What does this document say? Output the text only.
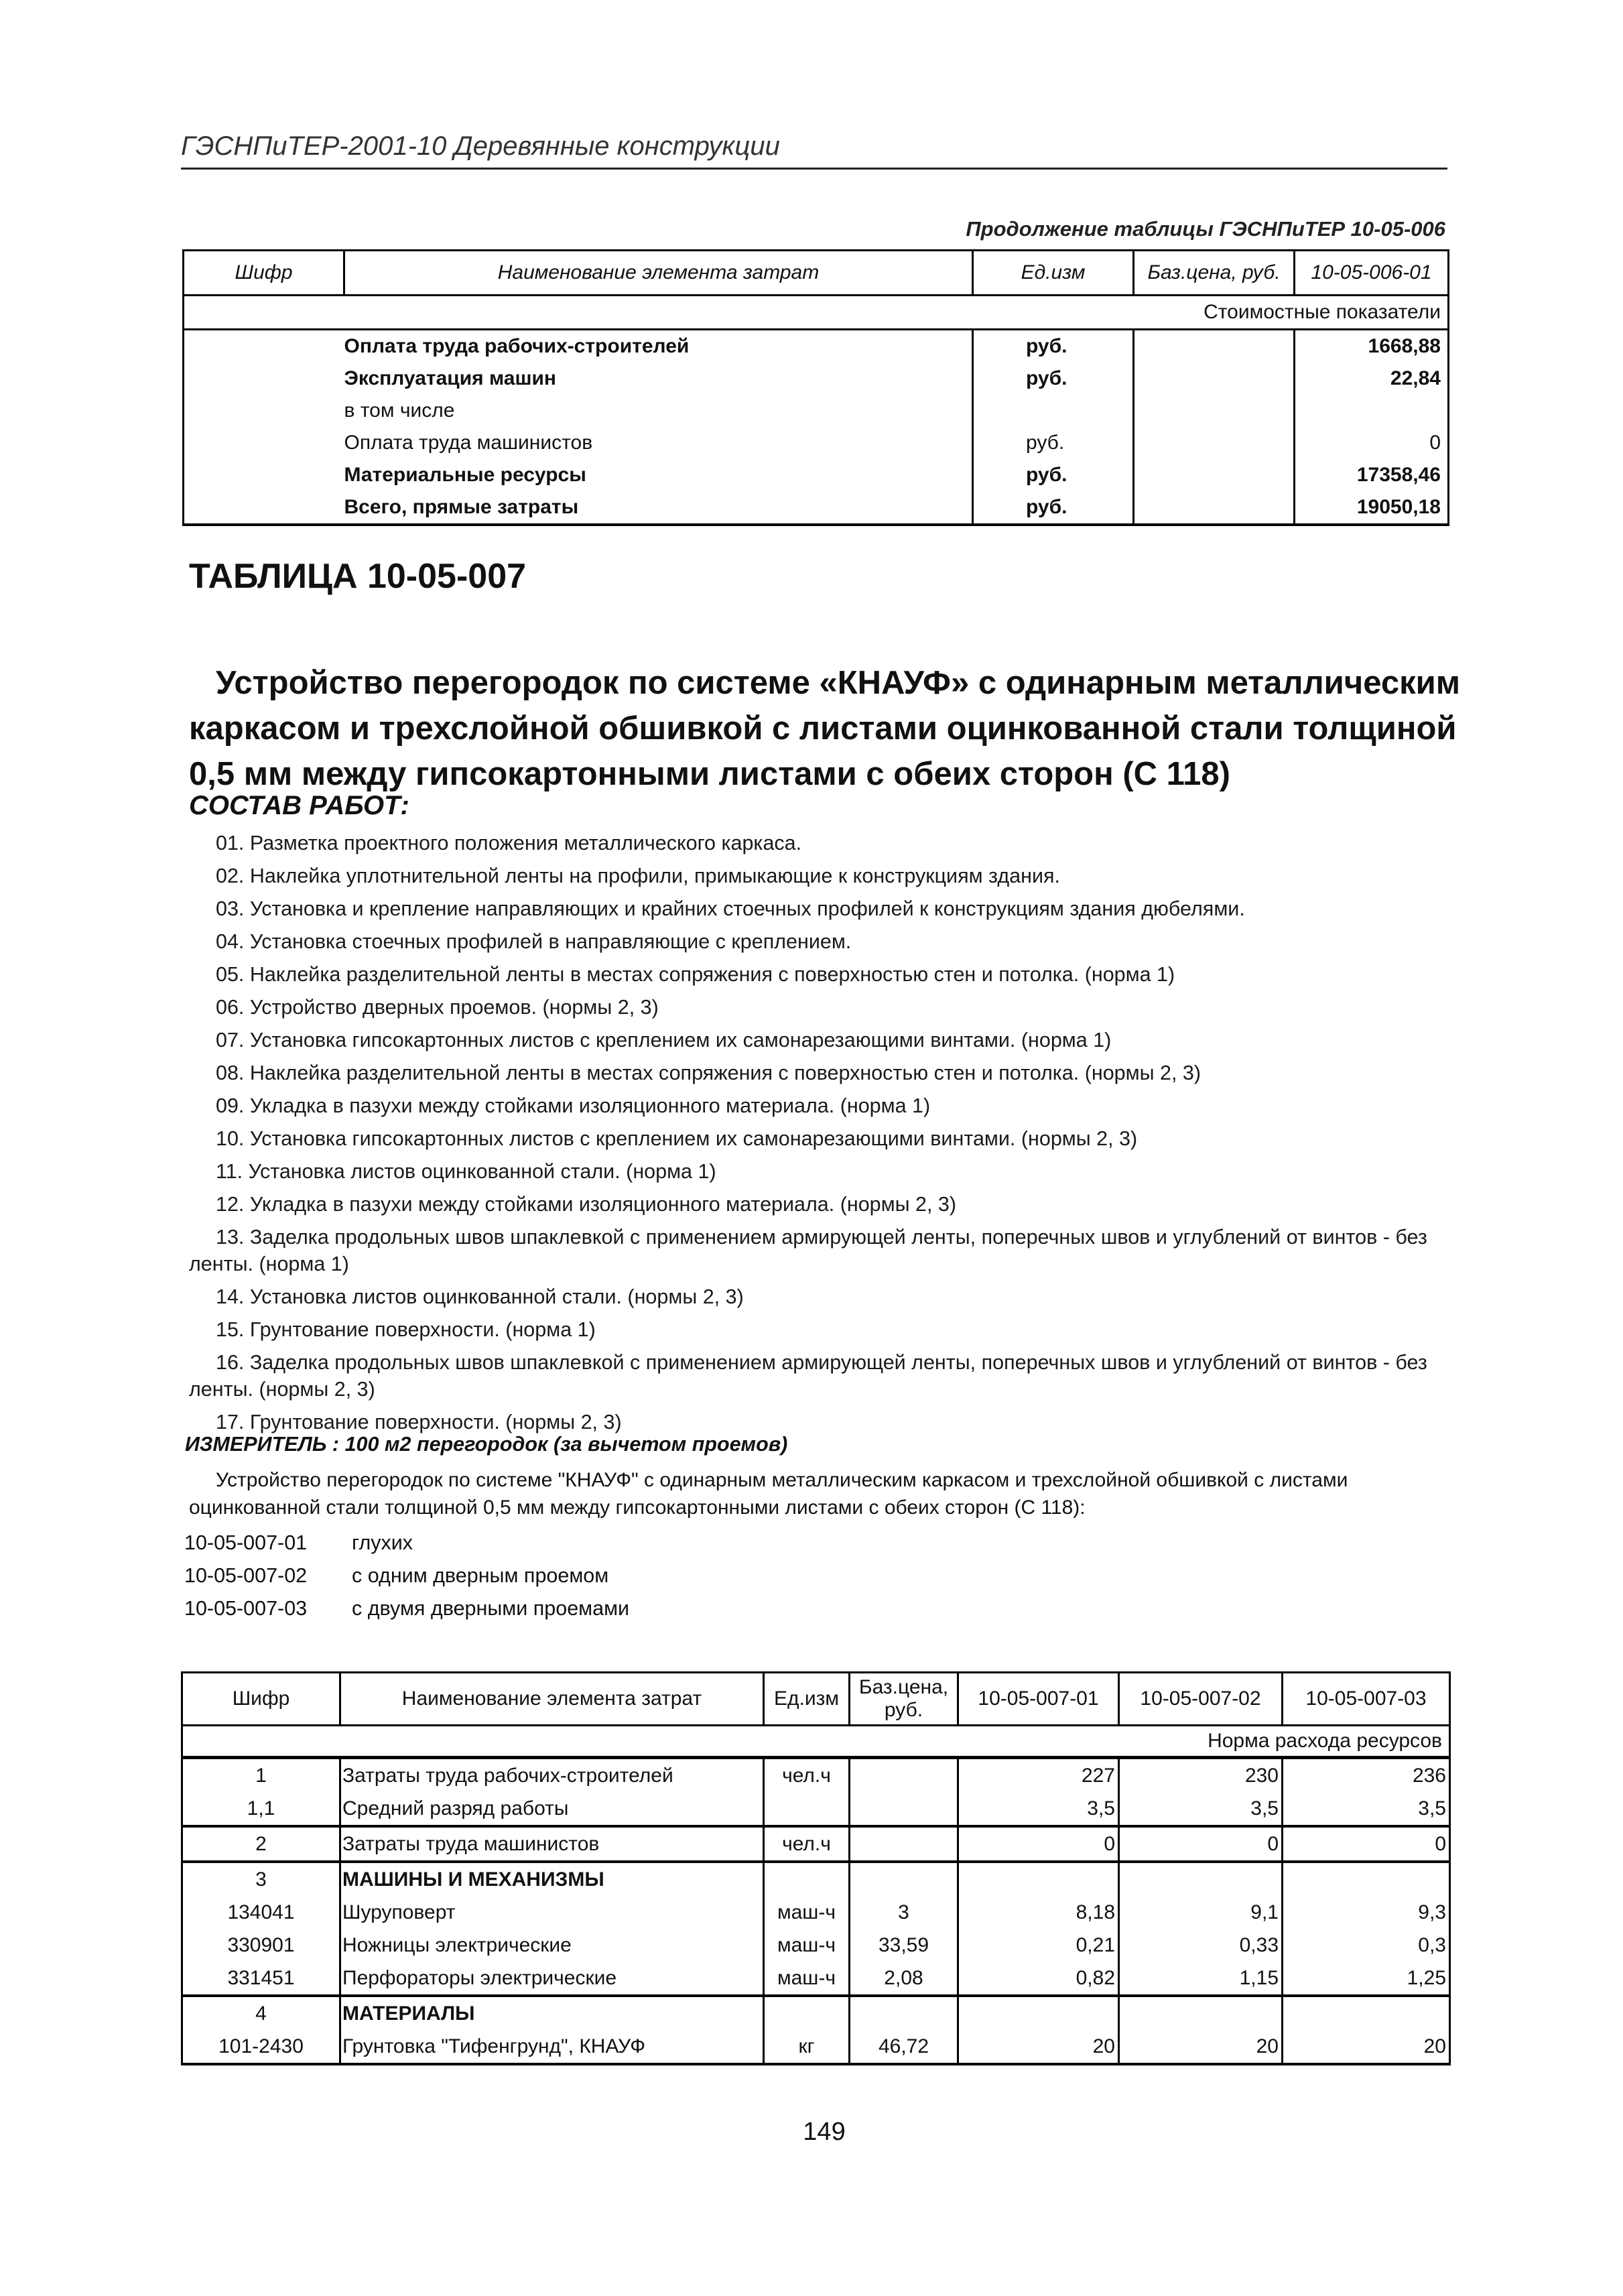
ГЭСНПиТЕР-2001-10 Деревянные конструкции
Продолжение таблицы ГЭСНПиТЕР 10-05-006
Шифр	Наименование элемента затрат	Ед.изм	Баз.цена, руб.	10-05-006-01
Стоимостные показатели				
	Оплата труда рабочих-строителей	руб.		1668,88
	Эксплуатация машин	руб.		22,84
	в том числе			
	Оплата труда машинистов	руб.		0
	Материальные ресурсы	руб.		17358,46
	Всего, прямые затраты	руб.		19050,18
ТАБЛИЦА 10-05-007
Устройство перегородок по системе «КНАУФ» с одинарным металлическим
каркасом и трехслойной обшивкой с листами оцинкованной стали толщиной
0,5 мм между гипсокартонными листами с обеих сторон (С 118)
СОСТАВ РАБОТ:
01. Разметка проектного положения металлического каркаса.
02. Наклейка уплотнительной ленты на профили, примыкающие к конструкциям здания.
03. Установка и крепление направляющих и крайних стоечных профилей к конструкциям здания дюбелями.
04. Установка стоечных профилей в направляющие с креплением.
05. Наклейка разделительной ленты в местах сопряжения с поверхностью стен и потолка. (норма 1)
06. Устройство дверных проемов. (нормы 2, 3)
07. Установка гипсокартонных листов с креплением их самонарезающими винтами. (норма 1)
08. Наклейка разделительной ленты в местах сопряжения с поверхностью стен и потолка. (нормы 2, 3)
09. Укладка в пазухи между стойками изоляционного материала. (норма 1)
10. Установка гипсокартонных листов с креплением их самонарезающими винтами. (нормы 2, 3)
11. Установка листов оцинкованной стали. (норма 1)
12. Укладка в пазухи между стойками изоляционного материала. (нормы 2, 3)
13. Заделка продольных швов шпаклевкой с применением армирующей ленты, поперечных швов и углублений от винтов - без ленты. (норма 1)
14. Установка листов оцинкованной стали. (нормы 2, 3)
15. Грунтование поверхности. (норма 1)
16. Заделка продольных швов шпаклевкой с применением армирующей ленты, поперечных швов и углублений от винтов - без ленты. (нормы 2, 3)
17. Грунтование поверхности. (нормы 2, 3)
ИЗМЕРИТЕЛЬ : 100 м2 перегородок (за вычетом проемов)
Устройство перегородок по системе "КНАУФ" с одинарным металлическим каркасом и трехслойной обшивкой с листами оцинкованной стали толщиной 0,5 мм между гипсокартонными листами с обеих сторон (С 118):
10-05-007-01 глухих
10-05-007-02 с одним дверным проемом
10-05-007-03 с двумя дверными проемами
Шифр	Наименование элемента затрат	Ед.изм	Баз.цена, руб.	10-05-007-01	10-05-007-02	10-05-007-03
Норма расхода ресурсов						
1	Затраты труда рабочих-строителей	чел.ч		227	230	236
1,1	Средний разряд работы			3,5	3,5	3,5
2	Затраты труда машинистов	чел.ч		0	0	0
3	МАШИНЫ И МЕХАНИЗМЫ					
134041	Шуруповерт	маш-ч	3	8,18	9,1	9,3
330901	Ножницы электрические	маш-ч	33,59	0,21	0,33	0,3
331451	Перфораторы электрические	маш-ч	2,08	0,82	1,15	1,25
4	МАТЕРИАЛЫ					
101-2430	Грунтовка "Тифенгрунд", КНАУФ	кг	46,72	20	20	20
149
